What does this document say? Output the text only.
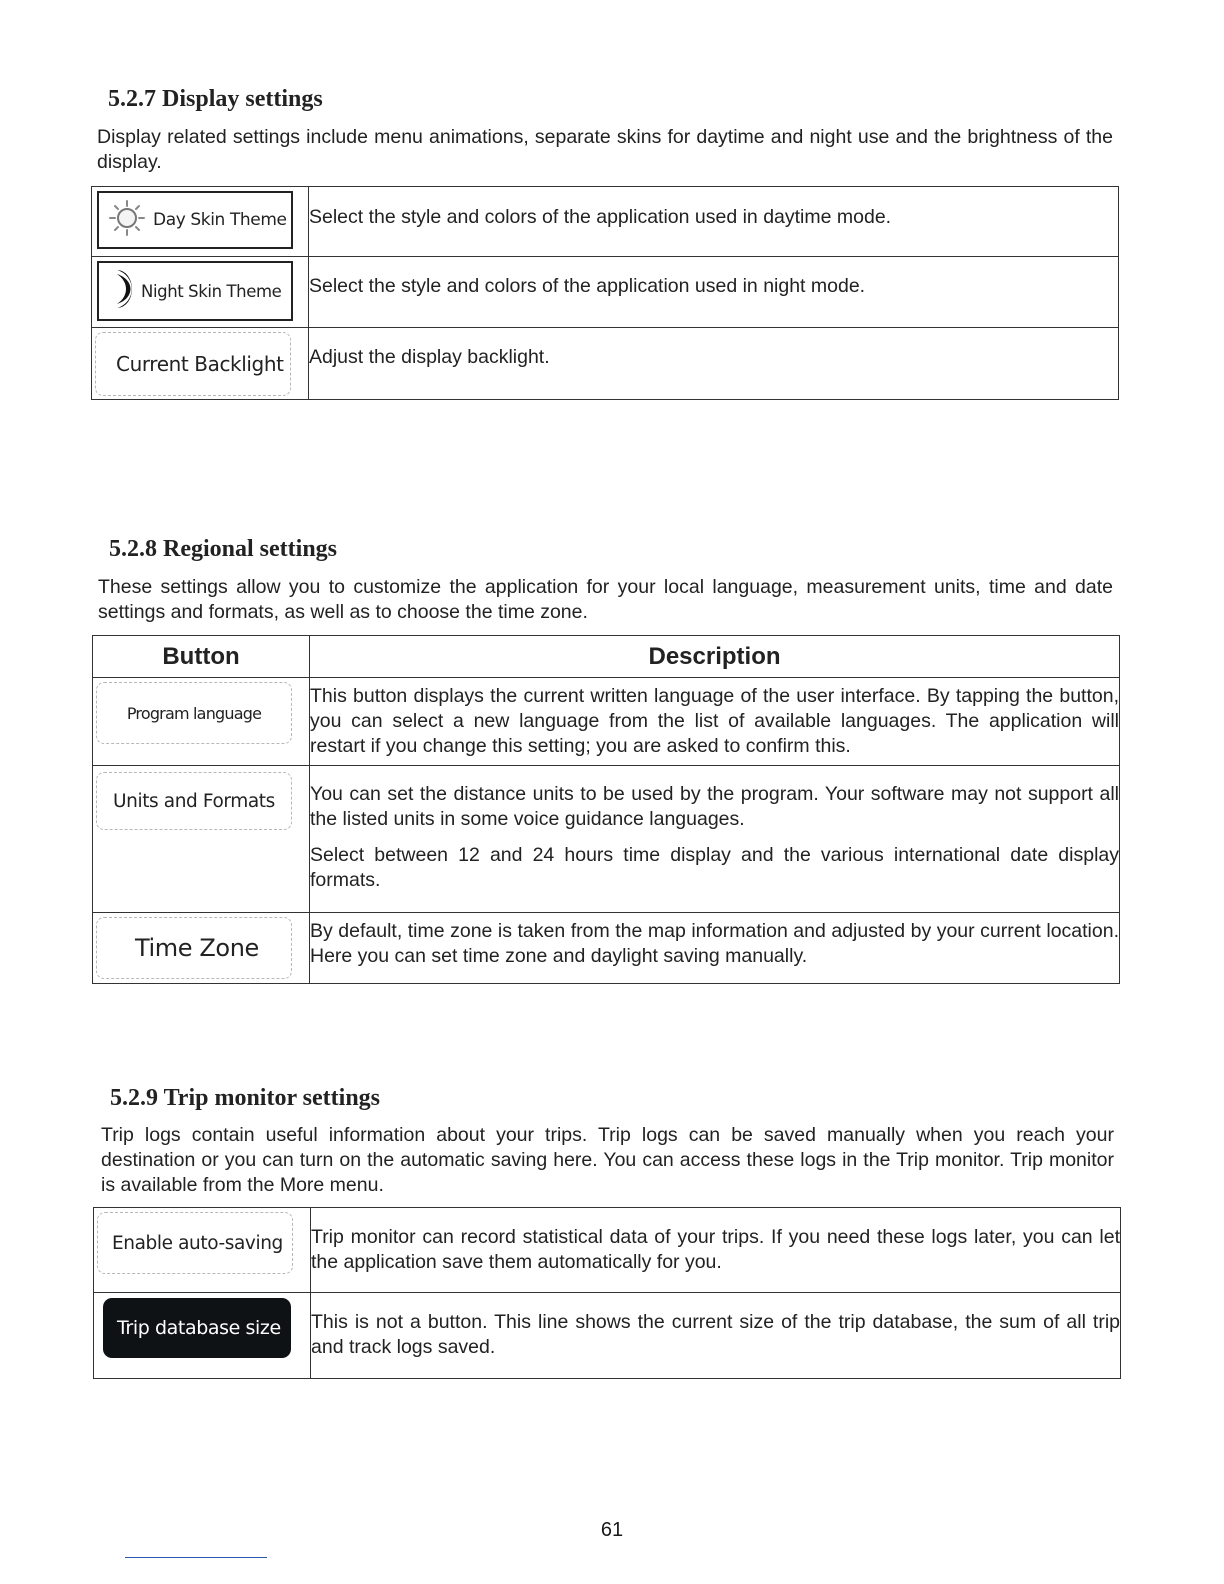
5.2.7 Display settings

Display related settings include menu animations, separate skins for daytime and night use and the brightness of the display.

Day Skin Theme	Select the style and colors of the application used in daytime mode.

Night Skin Theme	Select the style and colors of the application used in night mode.

Current Backlight	Adjust the display backlight.
5.2.8 Regional settings

These settings allow you to customize the application for your local language, measurement units, time and date settings and formats, as well as to choose the time zone.

Button	Description

Program language	This button displays the current written language of the user interface. By tapping the button, you can select a new language from the list of available languages. The application will restart if you change this setting; you are asked to confirm this.

Units and Formats	You can set the distance units to be used by the program. Your software may not support all the listed units in some voice guidance languages.

Select between 12 and 24 hours time display and the various international date display formats.

Time Zone	By default, time zone is taken from the map information and adjusted by your current location. Here you can set time zone and daylight saving manually.
5.2.9 Trip monitor settings

Trip logs contain useful information about your trips. Trip logs can be saved manually when you reach your destination or you can turn on the automatic saving here. You can access these logs in the Trip monitor. Trip monitor is available from the More menu.

Enable auto-saving	Trip monitor can record statistical data of your trips. If you need these logs later, you can let the application save them automatically for you.

Trip database size	This is not a button. This line shows the current size of the trip database, the sum of all trip and track logs saved.
61
